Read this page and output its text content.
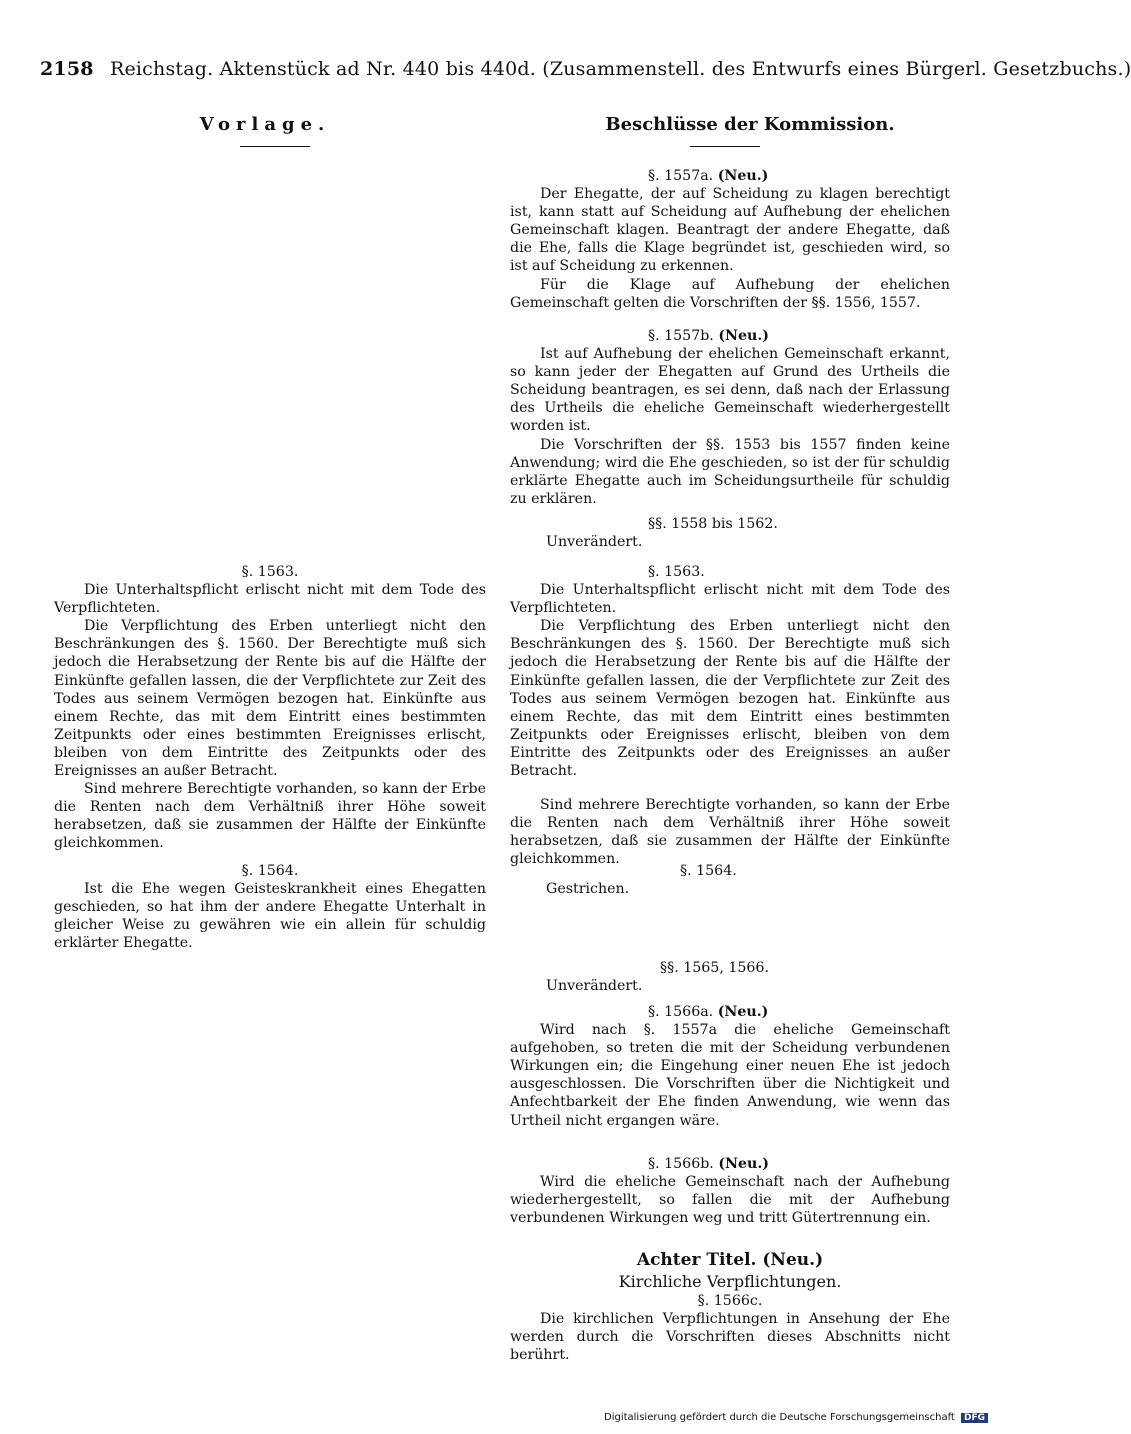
2158 Reichstag. Aktenstück ad Nr. 440 bis 440d. (Zusammenstell. des Entwurfs eines Bürgerl. Gesetzbuchs.)
Vorlage.	Beschlüsse der Kommission.

§. 1557a. (Neu.)

Der Ehegatte, der auf Scheidung zu klagen berechtigt ist, kann statt auf Scheidung auf Aufhebung der ehelichen Gemeinschaft klagen. Beantragt der andere Ehegatte, daß die Ehe, falls die Klage begründet ist, geschieden wird, so ist auf Scheidung zu erkennen.

Für die Klage auf Aufhebung der ehelichen Gemeinschaft gelten die Vorschriften der §§. 1556, 1557.

§. 1557b. (Neu.)

Ist auf Aufhebung der ehelichen Gemeinschaft erkannt, so kann jeder der Ehegatten auf Grund des Urtheils die Scheidung beantragen, es sei denn, daß nach der Erlassung des Urtheils die eheliche Gemeinschaft wiederhergestellt worden ist.

Die Vorschriften der §§. 1553 bis 1557 finden keine Anwendung; wird die Ehe geschieden, so ist der für schuldig erklärte Ehegatte auch im Scheidungsurtheile für schuldig zu erklären.

§§. 1558 bis 1562.

Unverändert.

§. 1563.

Die Unterhaltspflicht erlischt nicht mit dem Tode des Verpflichteten.

Die Verpflichtung des Erben unterliegt nicht den Beschränkungen des §. 1560. Der Berechtigte muß sich jedoch die Herabsetzung der Rente bis auf die Hälfte der Einkünfte gefallen lassen, die der Verpflichtete zur Zeit des Todes aus seinem Vermögen bezogen hat. Einkünfte aus einem Rechte, das mit dem Eintritt eines bestimmten Zeitpunkts oder Ereignisses erlischt, bleiben von dem Eintritte des Zeitpunkts oder des Ereignisses an außer Betracht.

Sind mehrere Berechtigte vorhanden, so kann der Erbe die Renten nach dem Verhältniß ihrer Höhe soweit herabsetzen, daß sie zusammen der Hälfte der Einkünfte gleichkommen.

§. 1564.

Gestrichen.

§§. 1565, 1566.

Unverändert.

§. 1566a. (Neu.)

Wird nach §. 1557a die eheliche Gemeinschaft aufgehoben, so treten die mit der Scheidung verbundenen Wirkungen ein; die Eingehung einer neuen Ehe ist jedoch ausgeschlossen. Die Vorschriften über die Nichtigkeit und Anfechtbarkeit der Ehe finden Anwendung, wie wenn das Urtheil nicht ergangen wäre.

§. 1566b. (Neu.)

Wird die eheliche Gemeinschaft nach der Aufhebung wiederhergestellt, so fallen die mit der Aufhebung verbundenen Wirkungen weg und tritt Gütertrennung ein.

Achter Titel. (Neu.)
Kirchliche Verpflichtungen.

§. 1566c.

Die kirchlichen Verpflichtungen in Ansehung der Ehe werden durch die Vorschriften dieses Abschnitts nicht berührt.

§. 1563.

Die Unterhaltspflicht erlischt nicht mit dem Tode des Verpflichteten.

Die Verpflichtung des Erben unterliegt nicht den Beschränkungen des §. 1560. Der Berechtigte muß sich jedoch die Herabsetzung der Rente bis auf die Hälfte der Einkünfte gefallen lassen, die der Verpflichtete zur Zeit des Todes aus seinem Vermögen bezogen hat. Einkünfte aus einem Rechte, das mit dem Eintritt eines bestimmten Zeitpunkts oder eines bestimmten Ereignisses erlischt, bleiben von dem Eintritte des Zeitpunkts oder des Ereignisses an außer Betracht.

Sind mehrere Berechtigte vorhanden, so kann der Erbe die Renten nach dem Verhältniß ihrer Höhe soweit herabsetzen, daß sie zusammen der Hälfte der Einkünfte gleichkommen.

§. 1564.

Ist die Ehe wegen Geisteskrankheit eines Ehegatten geschieden, so hat ihm der andere Ehegatte Unterhalt in gleicher Weise zu gewähren wie ein allein für schuldig erklärter Ehegatte.

Digitalisierung gefördert durch die Deutsche Forschungsgemeinschaft DFG
